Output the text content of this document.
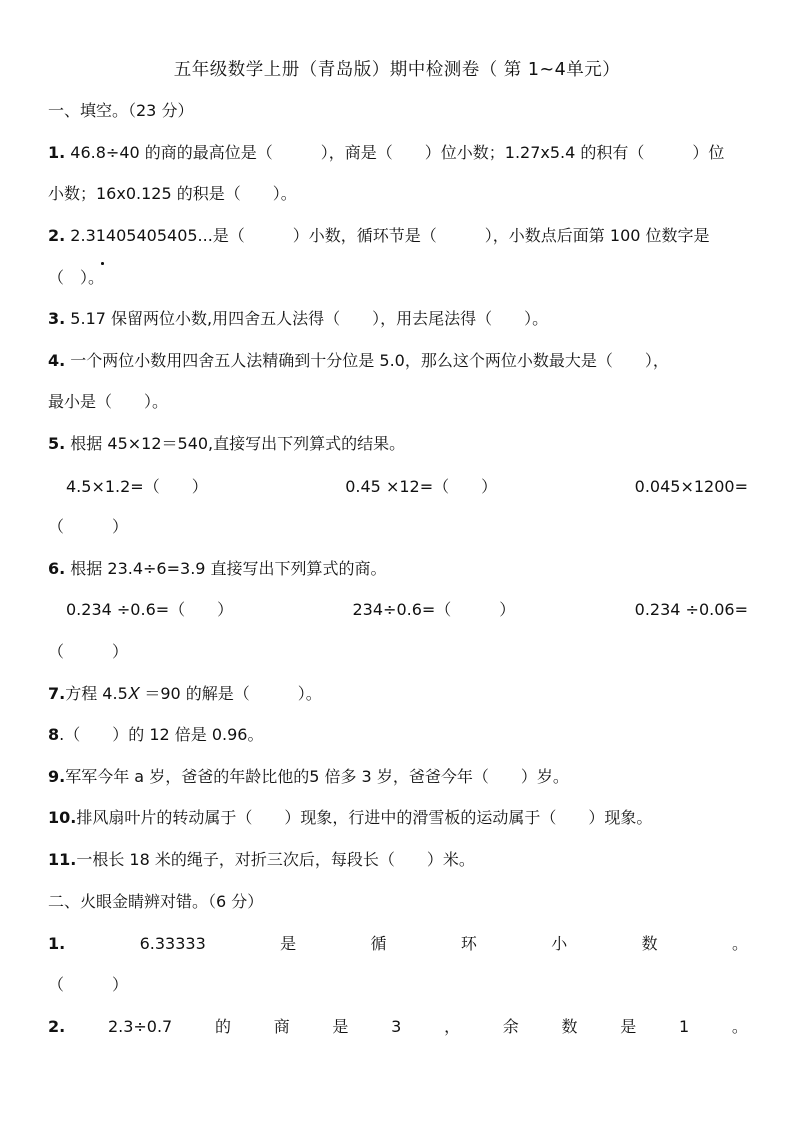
五年级数学上册（青岛版）期中检测卷（ 第 1~4单元）
一、填空。（23 分）
1. 46.8÷40 的商的最高位是（　　　），商是（　　）位小数；1.27x5.4 的积有（　　　）位
小数；16x0.125 的积是（　　）。
2. 2.31405405405...是（　　　）小数，循环节是（　　　），小数点后面第 100 位数字是
（　）。
3. 5.17 保留两位小数,用四舍五人法得（　　），用去尾法得（　　）。
4. 一个两位小数用四舍五人法精确到十分位是 5.0，那么这个两位小数最大是（　　），
最小是（　　）。
5. 根据 45×12＝540,直接写出下列算式的结果。
4.5×1.2=（　　）	0.45 ×12=（　　）	0.045×1200=
（　　　）
6. 根据 23.4÷6=3.9 直接写出下列算式的商。
0.234 ÷0.6=（　　）	234÷0.6=（　　　）	0.234 ÷0.06=
（　　　）
7.方程 4.5𝑋 ＝90 的解是（　　　）。
8.（　　）的 12 倍是 0.96。
9.军军今年 a 岁，爸爸的年龄比他的5 倍多 3 岁，爸爸今年（　　）岁。
10.排风扇叶片的转动属于（　　）现象，行进中的滑雪板的运动属于（　　）现象。
11.一根长 18 米的绳子，对折三次后，每段长（　　）米。
二、火眼金睛辨对错。（6 分）
1.	6.33333	是	循	环	小	数	。
（　　　）
2.	2.3÷0.7	的	商	是	3	，	余	数	是	1	。
